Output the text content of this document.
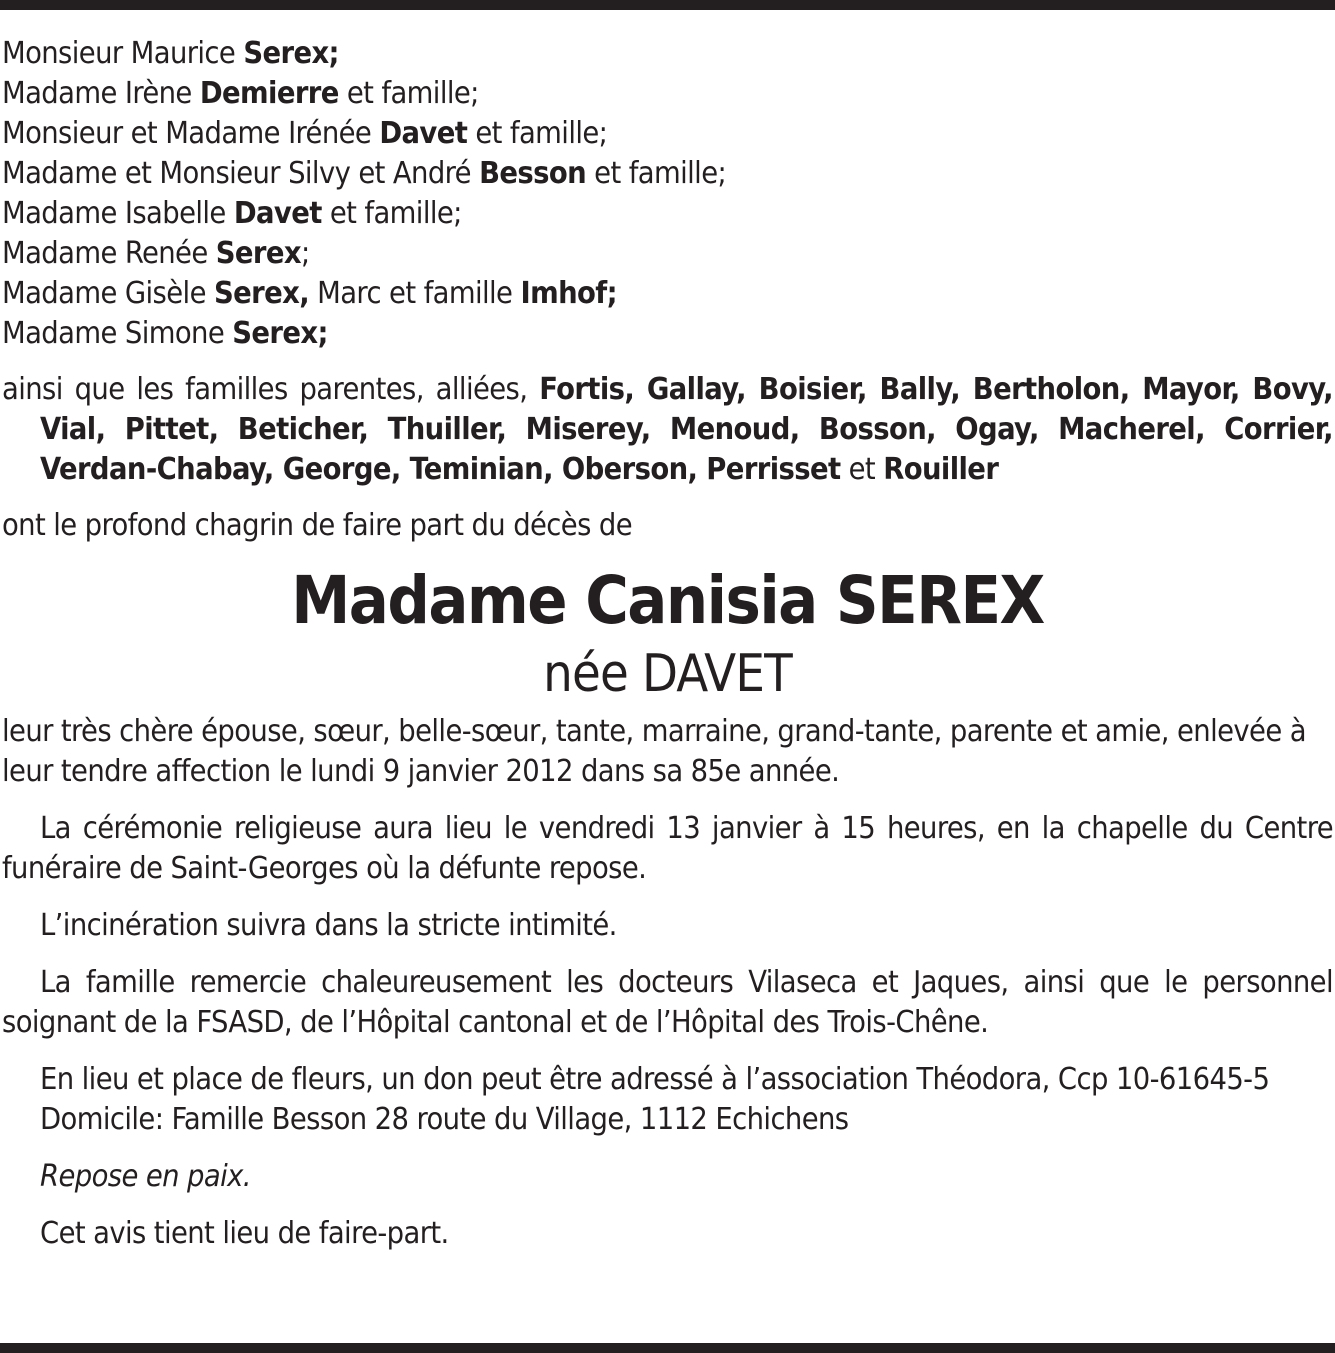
Monsieur Maurice Serex;
Madame Irène Demierre et famille;
Monsieur et Madame Irénée Davet et famille;
Madame et Monsieur Silvy et André Besson et famille;
Madame Isabelle Davet et famille;
Madame Renée Serex;
Madame Gisèle Serex, Marc et famille Imhof;
Madame Simone Serex;
ainsi que les familles parentes, alliées, Fortis, Gallay, Boisier, Bally, Bertholon, Mayor, Bovy, Vial, Pittet, Beticher, Thuiller, Miserey, Menoud, Bosson, Ogay, Macherel, Corrier, Verdan-Chabay, George, Teminian, Oberson, Perrisset et Rouiller
ont le profond chagrin de faire part du décès de
Madame Canisia SEREX
née DAVET
leur très chère épouse, sœur, belle-sœur, tante, marraine, grand-tante, parente et amie, enlevée à leur tendre affection le lundi 9 janvier 2012 dans sa 85e année.
La cérémonie religieuse aura lieu le vendredi 13 janvier à 15 heures, en la chapelle du Centre funéraire de Saint-Georges où la défunte repose.
L’incinération suivra dans la stricte intimité.
La famille remercie chaleureusement les docteurs Vilaseca et Jaques, ainsi que le personnel soignant de la FSASD, de l’Hôpital cantonal et de l’Hôpital des Trois-Chêne.
En lieu et place de fleurs, un don peut être adressé à l’association Théodora, Ccp 10-61645-5
Domicile: Famille Besson 28 route du Village, 1112 Echichens
Repose en paix.
Cet avis tient lieu de faire-part.
